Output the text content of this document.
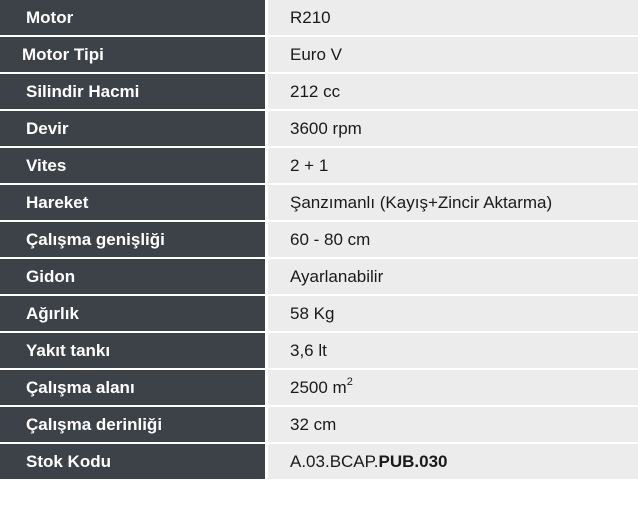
Motor		R210
Motor Tipi		Euro V
Silindir Hacmi		212 cc
Devir		3600 rpm
Vites		2 + 1
Hareket		Şanzımanlı (Kayış+Zincir Aktarma)
Çalışma genişliği		60 - 80 cm
Gidon		Ayarlanabilir
Ağırlık		58 Kg
Yakıt tankı		3,6 lt
Çalışma alanı		2500 $m^2$
Çalışma derinliği		32 cm
Stok Kodu		A.03.BCAP.PUB.030
